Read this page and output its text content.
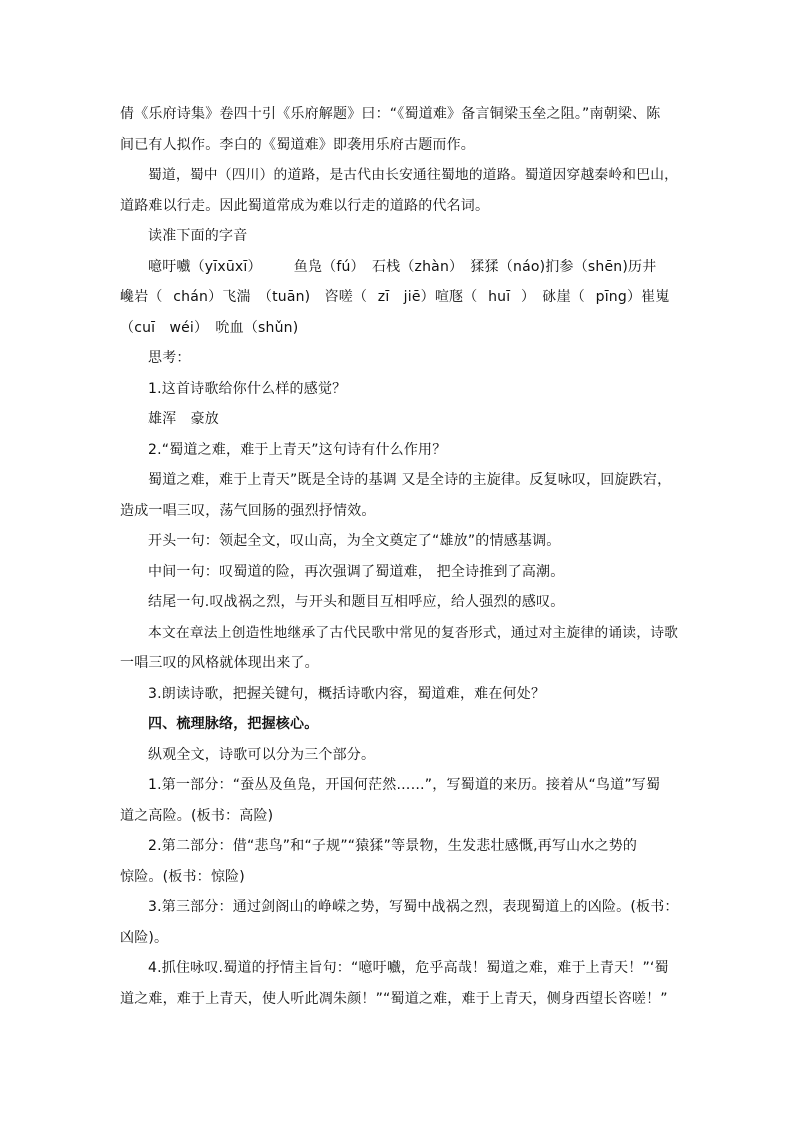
倩《乐府诗集》卷四十引《乐府解题》曰：“《蜀道难》备言铜梁玉垒之阻。”南朝梁、陈

间已有人拟作。李白的《蜀道难》即袭用乐府古题而作。

蜀道，蜀中（四川）的道路，是古代由长安通往蜀地的道路。蜀道因穿越秦岭和巴山，

道路难以行走。因此蜀道常成为难以行走的道路的代名词。

读准下面的字音

噫吁嚱（yīxūxī）　　 鱼凫（fú）　石栈（zhàn）　猱猱（náo)扪参（shēn)历井

巉岩（ chán）飞湍　（tuān)　咨嗟（ zī　jiē）喧豗（ huī ）　砯崖（ pīng）崔嵬

（cuī　wéi）　吮血（shǔn)

思考：

1.这首诗歌给你什么样的感觉？

雄浑　豪放

2.“蜀道之难，难于上青天”这句诗有什么作用？

蜀道之难，难于上青天”既是全诗的基调 又是全诗的主旋律。反复咏叹，回旋跌宕，

造成一唱三叹，荡气回肠的强烈抒情效。

开头一句：领起全文，叹山高，为全文奠定了“雄放”的情感基调。

中间一句：叹蜀道的险，再次强调了蜀道难， 把全诗推到了高潮。

结尾一句.叹战祸之烈，与开头和题目互相呼应，给人强烈的感叹。

本文在章法上创造性地继承了古代民歌中常见的复沓形式，通过对主旋律的诵读，诗歌

一唱三叹的风格就体现出来了。

3.朗读诗歌，把握关键句，概括诗歌内容，蜀道难，难在何处？

四、梳理脉络，把握核心。

纵观全文，诗歌可以分为三个部分。

1.第一部分：“蚕丛及鱼凫，开国何茫然……”，写蜀道的来历。接着从“鸟道”写蜀

道之高险。(板书：高险)

2.第二部分：借“悲鸟”和“子规”“猿猱”等景物，生发悲壮感慨,再写山水之势的

惊险。(板书：惊险)

3.第三部分：通过剑阁山的峥嵘之势，写蜀中战祸之烈，表现蜀道上的凶险。(板书：

凶险)。

4.抓住咏叹.蜀道的抒情主旨句：“噫吁嚱，危乎高哉！蜀道之难，难于上青天！”‘蜀

道之难，难于上青天，使人听此凋朱颜！”“蜀道之难，难于上青天，侧身西望长咨嗟！”
